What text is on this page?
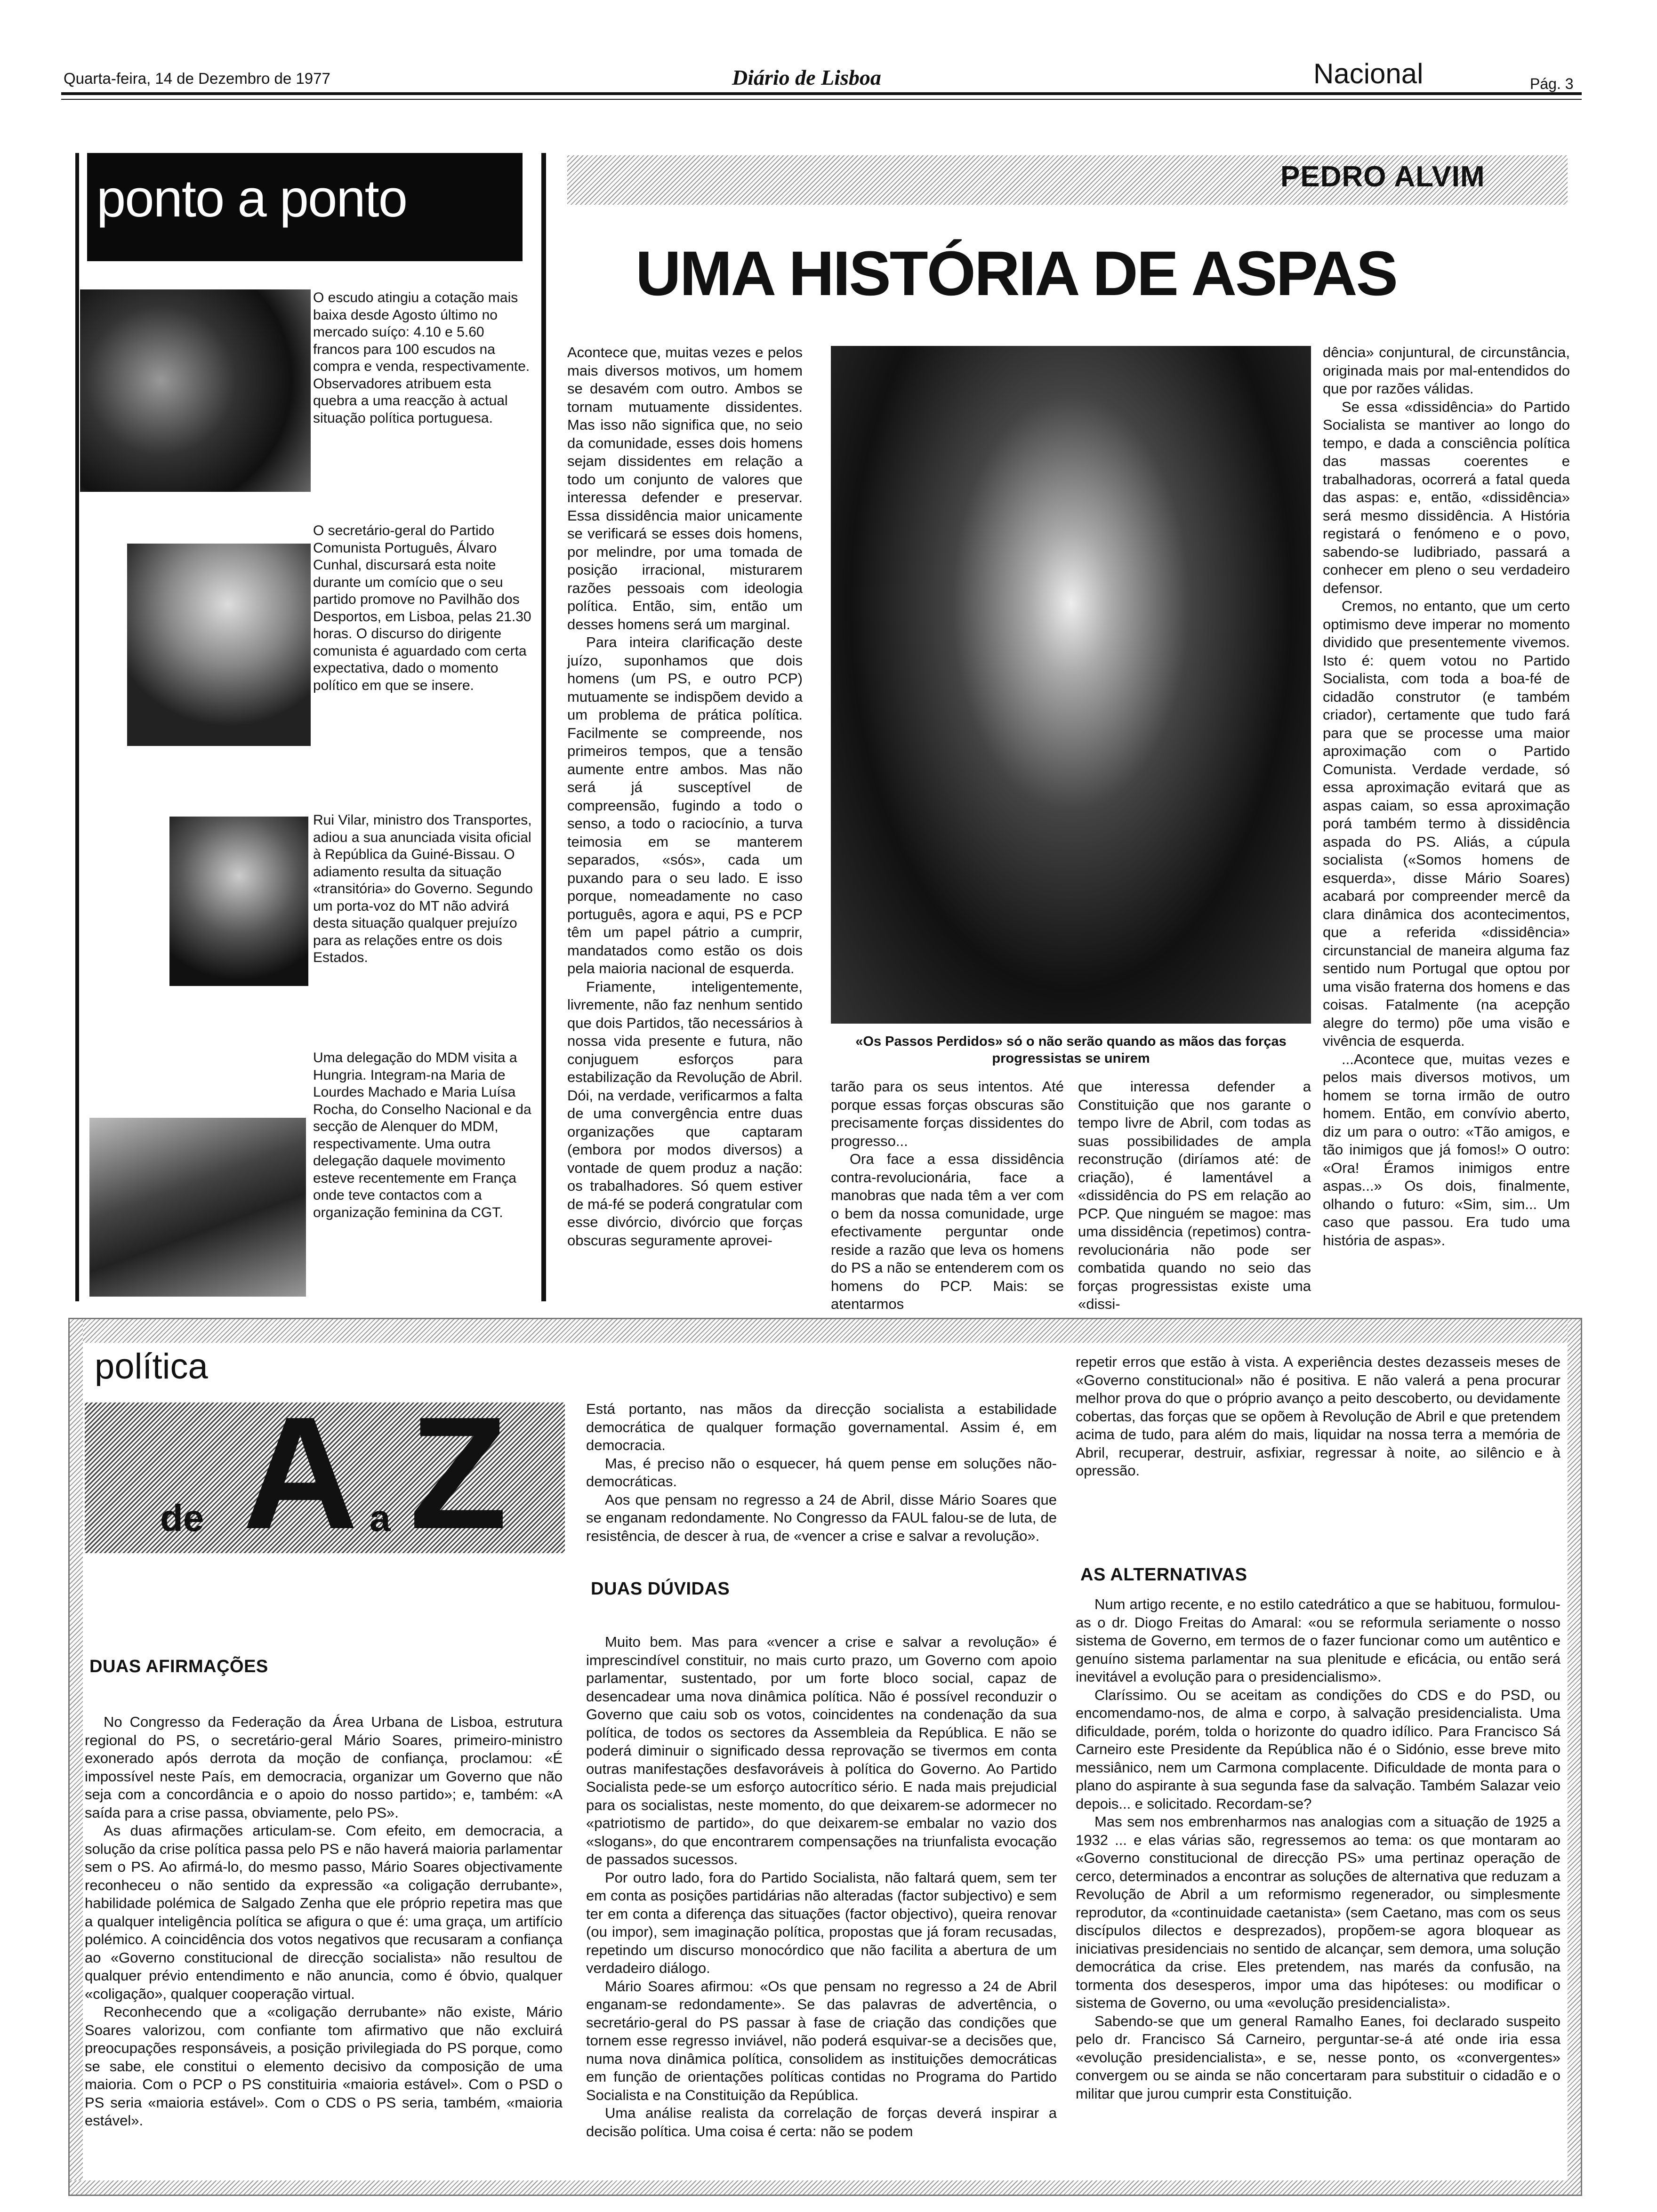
Quarta-feira, 14 de Dezembro de 1977	Diário de Lisboa	Nacional	Pág. 3
ponto a ponto
O escudo atingiu a cotação mais baixa desde Agosto último no mercado suíço: 4.10 e 5.60 francos para 100 escudos na compra e venda, respectivamente. Observadores atribuem esta quebra a uma reacção à actual situação política portuguesa.
O secretário-geral do Partido Comunista Português, Álvaro Cunhal, discursará esta noite durante um comício que o seu partido promove no Pavilhão dos Desportos, em Lisboa, pelas 21.30 horas. O discurso do dirigente comunista é aguardado com certa expectativa, dado o momento político em que se insere.
Rui Vilar, ministro dos Transportes, adiou a sua anunciada visita oficial à República da Guiné-Bissau. O adiamento resulta da situação «transitória» do Governo. Segundo um porta-voz do MT não advirá desta situação qualquer prejuízo para as relações entre os dois Estados.
Uma delegação do MDM visita a Hungria. Integram-na Maria de Lourdes Machado e Maria Luísa Rocha, do Conselho Nacional e da secção de Alenquer do MDM, respectivamente. Uma outra delegação daquele movimento esteve recentemente em França onde teve contactos com a organização feminina da CGT.
PEDRO ALVIM
UMA HISTÓRIA DE ASPAS

Acontece que, muitas vezes e pelos mais diversos motivos, um homem se desavém com outro. Ambos se tornam mutuamente dissidentes. Mas isso não significa que, no seio da comunidade, esses dois homens sejam dissidentes em relação a todo um conjunto de valores que interessa defender e preservar. Essa dissidência maior unicamente se verificará se esses dois homens, por melindre, por uma tomada de posição irracional, misturarem razões pessoais com ideologia política. Então, sim, então um desses homens será um marginal.

Para inteira clarificação deste juízo, suponhamos que dois homens (um PS, e outro PCP) mutuamente se indispõem devido a um problema de prática política. Facilmente se compreende, nos primeiros tempos, que a tensão aumente entre ambos. Mas não será já susceptível de compreensão, fugindo a todo o senso, a todo o raciocínio, a turva teimosia em se manterem separados, «sós», cada um puxando para o seu lado. E isso porque, nomeadamente no caso português, agora e aqui, PS e PCP têm um papel pátrio a cumprir, mandatados como estão os dois pela maioria nacional de esquerda.

Friamente, inteligentemente, livremente, não faz nenhum sentido que dois Partidos, tão necessários à nossa vida presente e futura, não conjuguem esforços para estabilização da Revolução de Abril. Dói, na verdade, verificarmos a falta de uma convergência entre duas organizações que captaram (embora por modos diversos) a vontade de quem produz a nação: os trabalhadores. Só quem estiver de má-fé se poderá congratular com esse divórcio, divórcio que forças obscuras seguramente aprovei-

«Os Passos Perdidos» só o não serão quando as mãos das forças progressistas se unirem

tarão para os seus intentos. Até porque essas forças obscuras são precisamente forças dissidentes do progresso...

Ora face a essa dissidência contra-revolucionária, face a manobras que nada têm a ver com o bem da nossa comunidade, urge efectivamente perguntar onde reside a razão que leva os homens do PS a não se entenderem com os homens do PCP. Mais: se atentarmos

que interessa defender a Constituição que nos garante o tempo livre de Abril, com todas as suas possibilidades de ampla reconstrução (diríamos até: de criação), é lamentável a «dissidência do PS em relação ao PCP. Que ninguém se magoe: mas uma dissidência (repetimos) contra-revolucionária não pode ser combatida quando no seio das forças progressistas existe uma «dissi-

dência» conjuntural, de circunstância, originada mais por mal-entendidos do que por razões válidas.

Se essa «dissidência» do Partido Socialista se mantiver ao longo do tempo, e dada a consciência política das massas coerentes e trabalhadoras, ocorrerá a fatal queda das aspas: e, então, «dissidência» será mesmo dissidência. A História registará o fenómeno e o povo, sabendo-se ludibriado, passará a conhecer em pleno o seu verdadeiro defensor.

Cremos, no entanto, que um certo optimismo deve imperar no momento dividido que presentemente vivemos. Isto é: quem votou no Partido Socialista, com toda a boa-fé de cidadão construtor (e também criador), certamente que tudo fará para que se processe uma maior aproximação com o Partido Comunista. Verdade verdade, só essa aproximação evitará que as aspas caiam, so essa aproximação porá também termo à dissidência aspada do PS. Aliás, a cúpula socialista («Somos homens de esquerda», disse Mário Soares) acabará por compreender mercê da clara dinâmica dos acontecimentos, que a referida «dissidência» circunstancial de maneira alguma faz sentido num Portugal que optou por uma visão fraterna dos homens e das coisas. Fatalmente (na acepção alegre do termo) põe uma visão e vivência de esquerda.

...Acontece que, muitas vezes e pelos mais diversos motivos, um homem se torna irmão de outro homem. Então, em convívio aberto, diz um para o outro: «Tão amigos, e tão inimigos que já fomos!» O outro: «Ora! Éramos inimigos entre aspas...» Os dois, finalmente, olhando o futuro: «Sim, sim... Um caso que passou. Era tudo uma história de aspas».

política
de A a Z
DUAS AFIRMAÇÕES

No Congresso da Federação da Área Urbana de Lisboa, estrutura regional do PS, o secretário-geral Mário Soares, primeiro-ministro exonerado após derrota da moção de confiança, proclamou: «É impossível neste País, em democracia, organizar um Governo que não seja com a concordância e o apoio do nosso partido»; e, também: «A saída para a crise passa, obviamente, pelo PS».

As duas afirmações articulam-se. Com efeito, em democracia, a solução da crise política passa pelo PS e não haverá maioria parlamentar sem o PS. Ao afirmá-lo, do mesmo passo, Mário Soares objectivamente reconheceu o não sentido da expressão «a coligação derrubante», habilidade polémica de Salgado Zenha que ele próprio repetira mas que a qualquer inteligência política se afigura o que é: uma graça, um artifício polémico. A coincidência dos votos negativos que recusaram a confiança ao «Governo constitucional de direcção socialista» não resultou de qualquer prévio entendimento e não anuncia, como é óbvio, qualquer «coligação», qualquer cooperação virtual.

Reconhecendo que a «coligação derrubante» não existe, Mário Soares valorizou, com confiante tom afirmativo que não excluirá preocupações responsáveis, a posição privilegiada do PS porque, como se sabe, ele constitui o elemento decisivo da composição de uma maioria. Com o PCP o PS constituiria «maioria estável». Com o PSD o PS seria «maioria estável». Com o CDS o PS seria, também, «maioria estável».

Está portanto, nas mãos da direcção socialista a estabilidade democrática de qualquer formação governamental. Assim é, em democracia.

Mas, é preciso não o esquecer, há quem pense em soluções não-democráticas.

Aos que pensam no regresso a 24 de Abril, disse Mário Soares que se enganam redondamente. No Congresso da FAUL falou-se de luta, de resistência, de descer à rua, de «vencer a crise e salvar a revolução».

DUAS DÚVIDAS

Muito bem. Mas para «vencer a crise e salvar a revolução» é imprescindível constituir, no mais curto prazo, um Governo com apoio parlamentar, sustentado, por um forte bloco social, capaz de desencadear uma nova dinâmica política. Não é possível reconduzir o Governo que caiu sob os votos, coincidentes na condenação da sua política, de todos os sectores da Assembleia da República. E não se poderá diminuir o significado dessa reprovação se tivermos em conta outras manifestações desfavoráveis à política do Governo. Ao Partido Socialista pede-se um esforço autocrítico sério. E nada mais prejudicial para os socialistas, neste momento, do que deixarem-se adormecer no «patriotismo de partido», do que deixarem-se embalar no vazio dos «slogans», do que encontrarem compensações na triunfalista evocação de passados sucessos.

Por outro lado, fora do Partido Socialista, não faltará quem, sem ter em conta as posições partidárias não alteradas (factor subjectivo) e sem ter em conta a diferença das situações (factor objectivo), queira renovar (ou impor), sem imaginação política, propostas que já foram recusadas, repetindo um discurso monocórdico que não facilita a abertura de um verdadeiro diálogo.

Mário Soares afirmou: «Os que pensam no regresso a 24 de Abril enganam-se redondamente». Se das palavras de advertência, o secretário-geral do PS passar à fase de criação das condições que tornem esse regresso inviável, não poderá esquivar-se a decisões que, numa nova dinâmica política, consolidem as instituições democráticas em função de orientações políticas contidas no Programa do Partido Socialista e na Constituição da República.

Uma análise realista da correlação de forças deverá inspirar a decisão política. Uma coisa é certa: não se podem

repetir erros que estão à vista. A experiência destes dezasseis meses de «Governo constitucional» não é positiva. E não valerá a pena procurar melhor prova do que o próprio avanço a peito descoberto, ou devidamente cobertas, das forças que se opõem à Revolução de Abril e que pretendem acima de tudo, para além do mais, liquidar na nossa terra a memória de Abril, recuperar, destruir, asfixiar, regressar à noite, ao silêncio e à opressão.

AS ALTERNATIVAS

Num artigo recente, e no estilo catedrático a que se habituou, formulou-as o dr. Diogo Freitas do Amaral: «ou se reformula seriamente o nosso sistema de Governo, em termos de o fazer funcionar como um autêntico e genuíno sistema parlamentar na sua plenitude e eficácia, ou então será inevitável a evolução para o presidencialismo».

Claríssimo. Ou se aceitam as condições do CDS e do PSD, ou encomendamo-nos, de alma e corpo, à salvação presidencialista. Uma dificuldade, porém, tolda o horizonte do quadro idílico. Para Francisco Sá Carneiro este Presidente da República não é o Sidónio, esse breve mito messiânico, nem um Carmona complacente. Dificuldade de monta para o plano do aspirante à sua segunda fase da salvação. Também Salazar veio depois... e solicitado. Recordam-se?

Mas sem nos embrenharmos nas analogias com a situação de 1925 a 1932 ... e elas várias são, regressemos ao tema: os que montaram ao «Governo constitucional de direcção PS» uma pertinaz operação de cerco, determinados a encontrar as soluções de alternativa que reduzam a Revolução de Abril a um reformismo regenerador, ou simplesmente reprodutor, da «continuidade caetanista» (sem Caetano, mas com os seus discípulos dilectos e desprezados), propõem-se agora bloquear as iniciativas presidenciais no sentido de alcançar, sem demora, uma solução democrática da crise. Eles pretendem, nas marés da confusão, na tormenta dos desesperos, impor uma das hipóteses: ou modificar o sistema de Governo, ou uma «evolução presidencialista».

Sabendo-se que um general Ramalho Eanes, foi declarado suspeito pelo dr. Francisco Sá Carneiro, perguntar-se-á até onde iria essa «evolução presidencialista», e se, nesse ponto, os «convergentes» convergem ou se ainda se não concertaram para substituir o cidadão e o militar que jurou cumprir esta Constituição.
